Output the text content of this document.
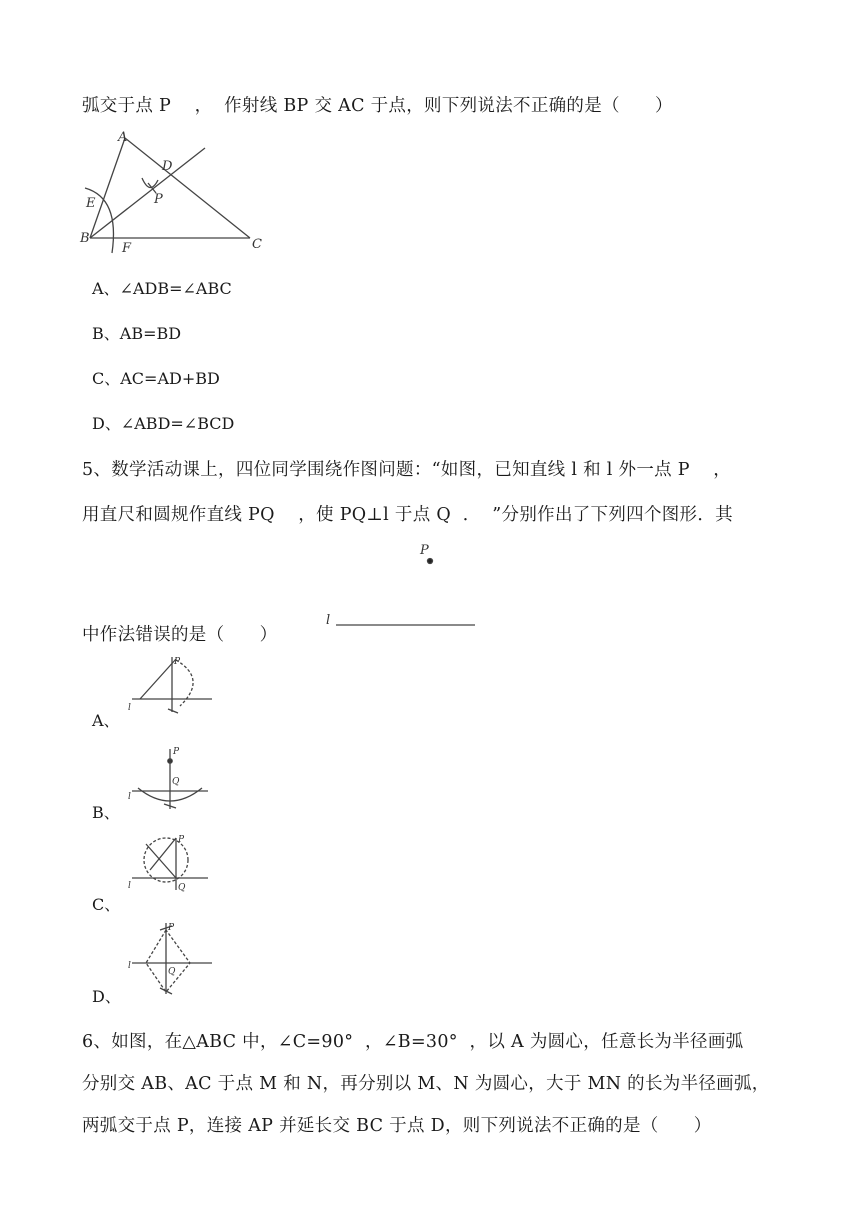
弧交于点 P    ，  作射线 BP 交 AC 于点，则下列说法不正确的是（      ）
A
D
E	P
B
F	C
A、∠ADB=∠ABC
B、AB=BD
C、AC=AD+BD
D、∠ABD=∠BCD
5、数学活动课上，四位同学围绕作图问题：“如图，已知直线 l 和 l 外一点 P    ，
用直尺和圆规作直线 PQ    ，使 PQ⊥l 于点 Q  ．  ”分别作出了下列四个图形．其
P
l
中作法错误的是（      ）
A、
P
l
B、
P
Q
l
C、
P
Q
l
D、
P
Q
l
6、如图，在△ABC 中，∠C=90°  ，∠B=30°  ，以 A 为圆心，任意长为半径画弧
分别交 AB、AC 于点 M 和 N，再分别以 M、N 为圆心，大于 MN 的长为半径画弧，
两弧交于点 P，连接 AP 并延长交 BC 于点 D，则下列说法不正确的是（      ）
